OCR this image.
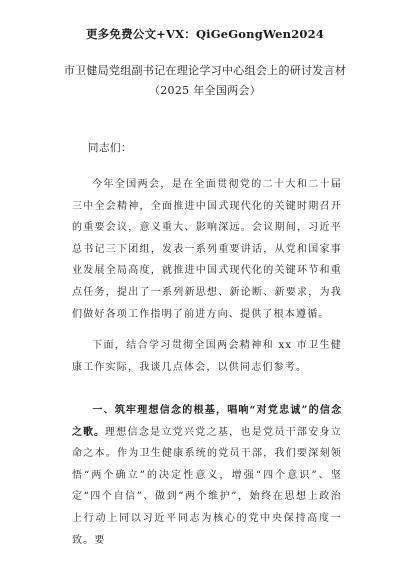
更多免费公文+VX：QiGeGongWen2024
市卫健局党组副书记在理论学习中心组会上的研讨发言材
（2025 年全国两会）
同志们：

今年全国两会，是在全面贯彻党的二十大和二十届三中全会精神，全面推进中国式现代化的关键时期召开的重要会议，意义重大、影响深远。会议期间，习近平总书记三下团组，发表一系列重要讲话，从党和国家事业发展全局高度，就推进中国式现代化的关键环节和重点任务，提出了一系列新思想、新论断、新要求，为我们做好各项工作指明了前进方向、提供了根本遵循。

下面，结合学习贯彻全国两会精神和 xx 市卫生健康工作实际，我谈几点体会，以供同志们参考。

一、筑牢理想信念的根基，唱响“对党忠诚”的信念之歌。理想信念是立党兴党之基，也是党员干部安身立命之本。作为卫生健康系统的党员干部，我们要深刻领悟“两个确立”的决定性意义，增强“四个意识”、坚定“四个自信”、做到“两个维护”，始终在思想上政治上行动上同以习近平同志为核心的党中央保持高度一致。要
